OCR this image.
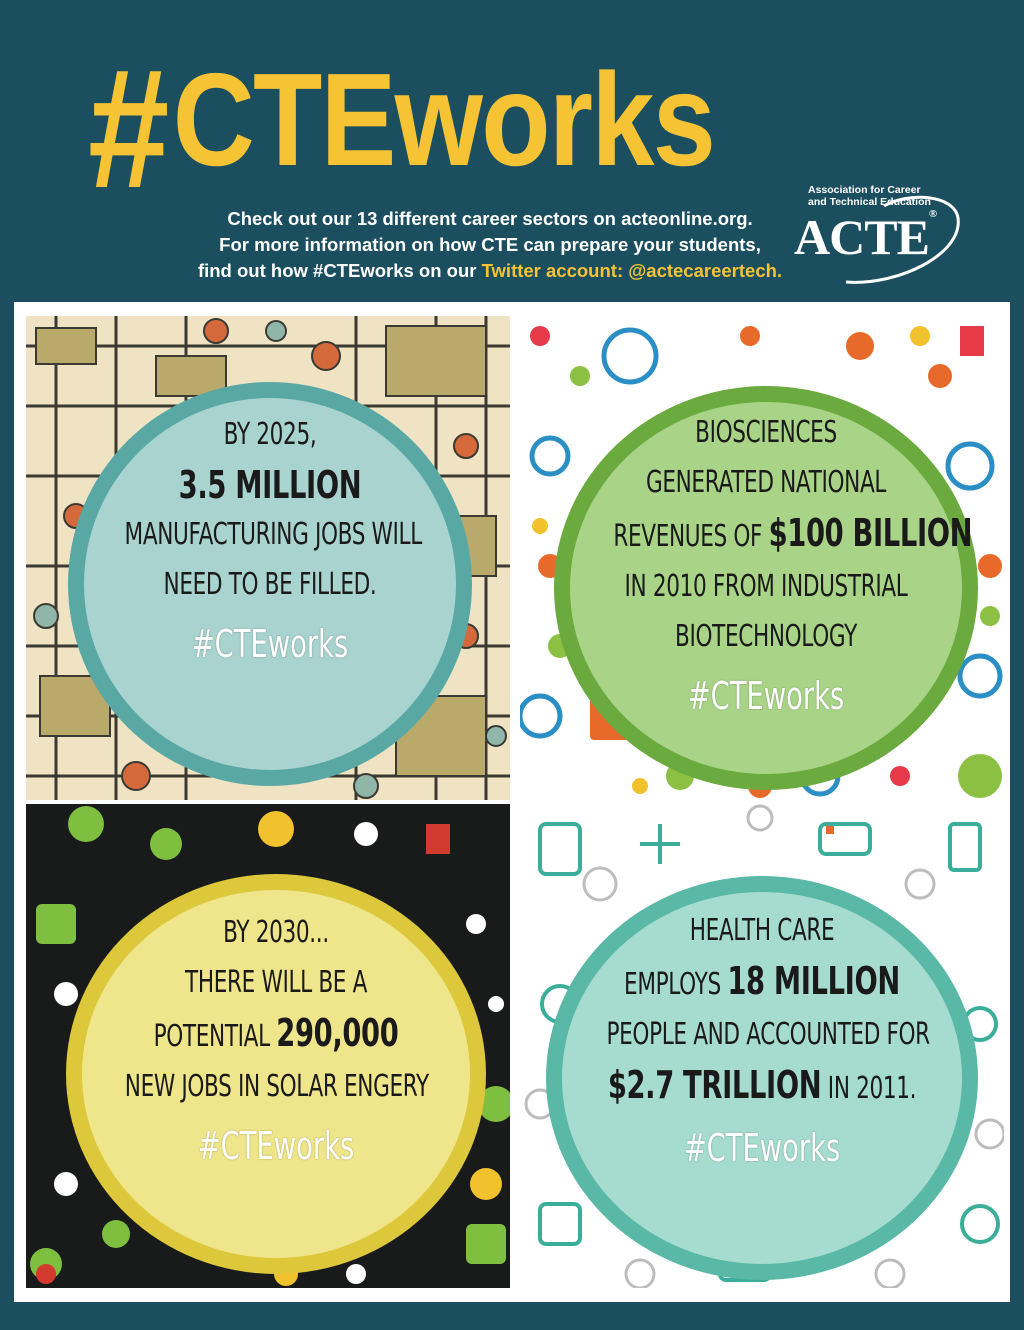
#CTEworks
Check out our 13 different career sectors on acteonline.org.
For more information on how CTE can prepare your students,
find out how #CTEworks on our Twitter account: @actecareertech.
Association for Career
and Technical Education
ACTE®
BY 2025,
3.5 MILLION
MANUFACTURING JOBS WILL
NEED TO BE FILLED.
#CTEworks
BIOSCIENCES
GENERATED NATIONAL
REVENUES OF $100 BILLION
IN 2010 FROM INDUSTRIAL
BIOTECHNOLOGY
#CTEworks
BY 2030...
THERE WILL BE A
POTENTIAL 290,000
NEW JOBS IN SOLAR ENGERY
#CTEworks
HEALTH CARE
EMPLOYS 18 MILLION
PEOPLE AND ACCOUNTED FOR
$2.7 TRILLION IN 2011.
#CTEworks
